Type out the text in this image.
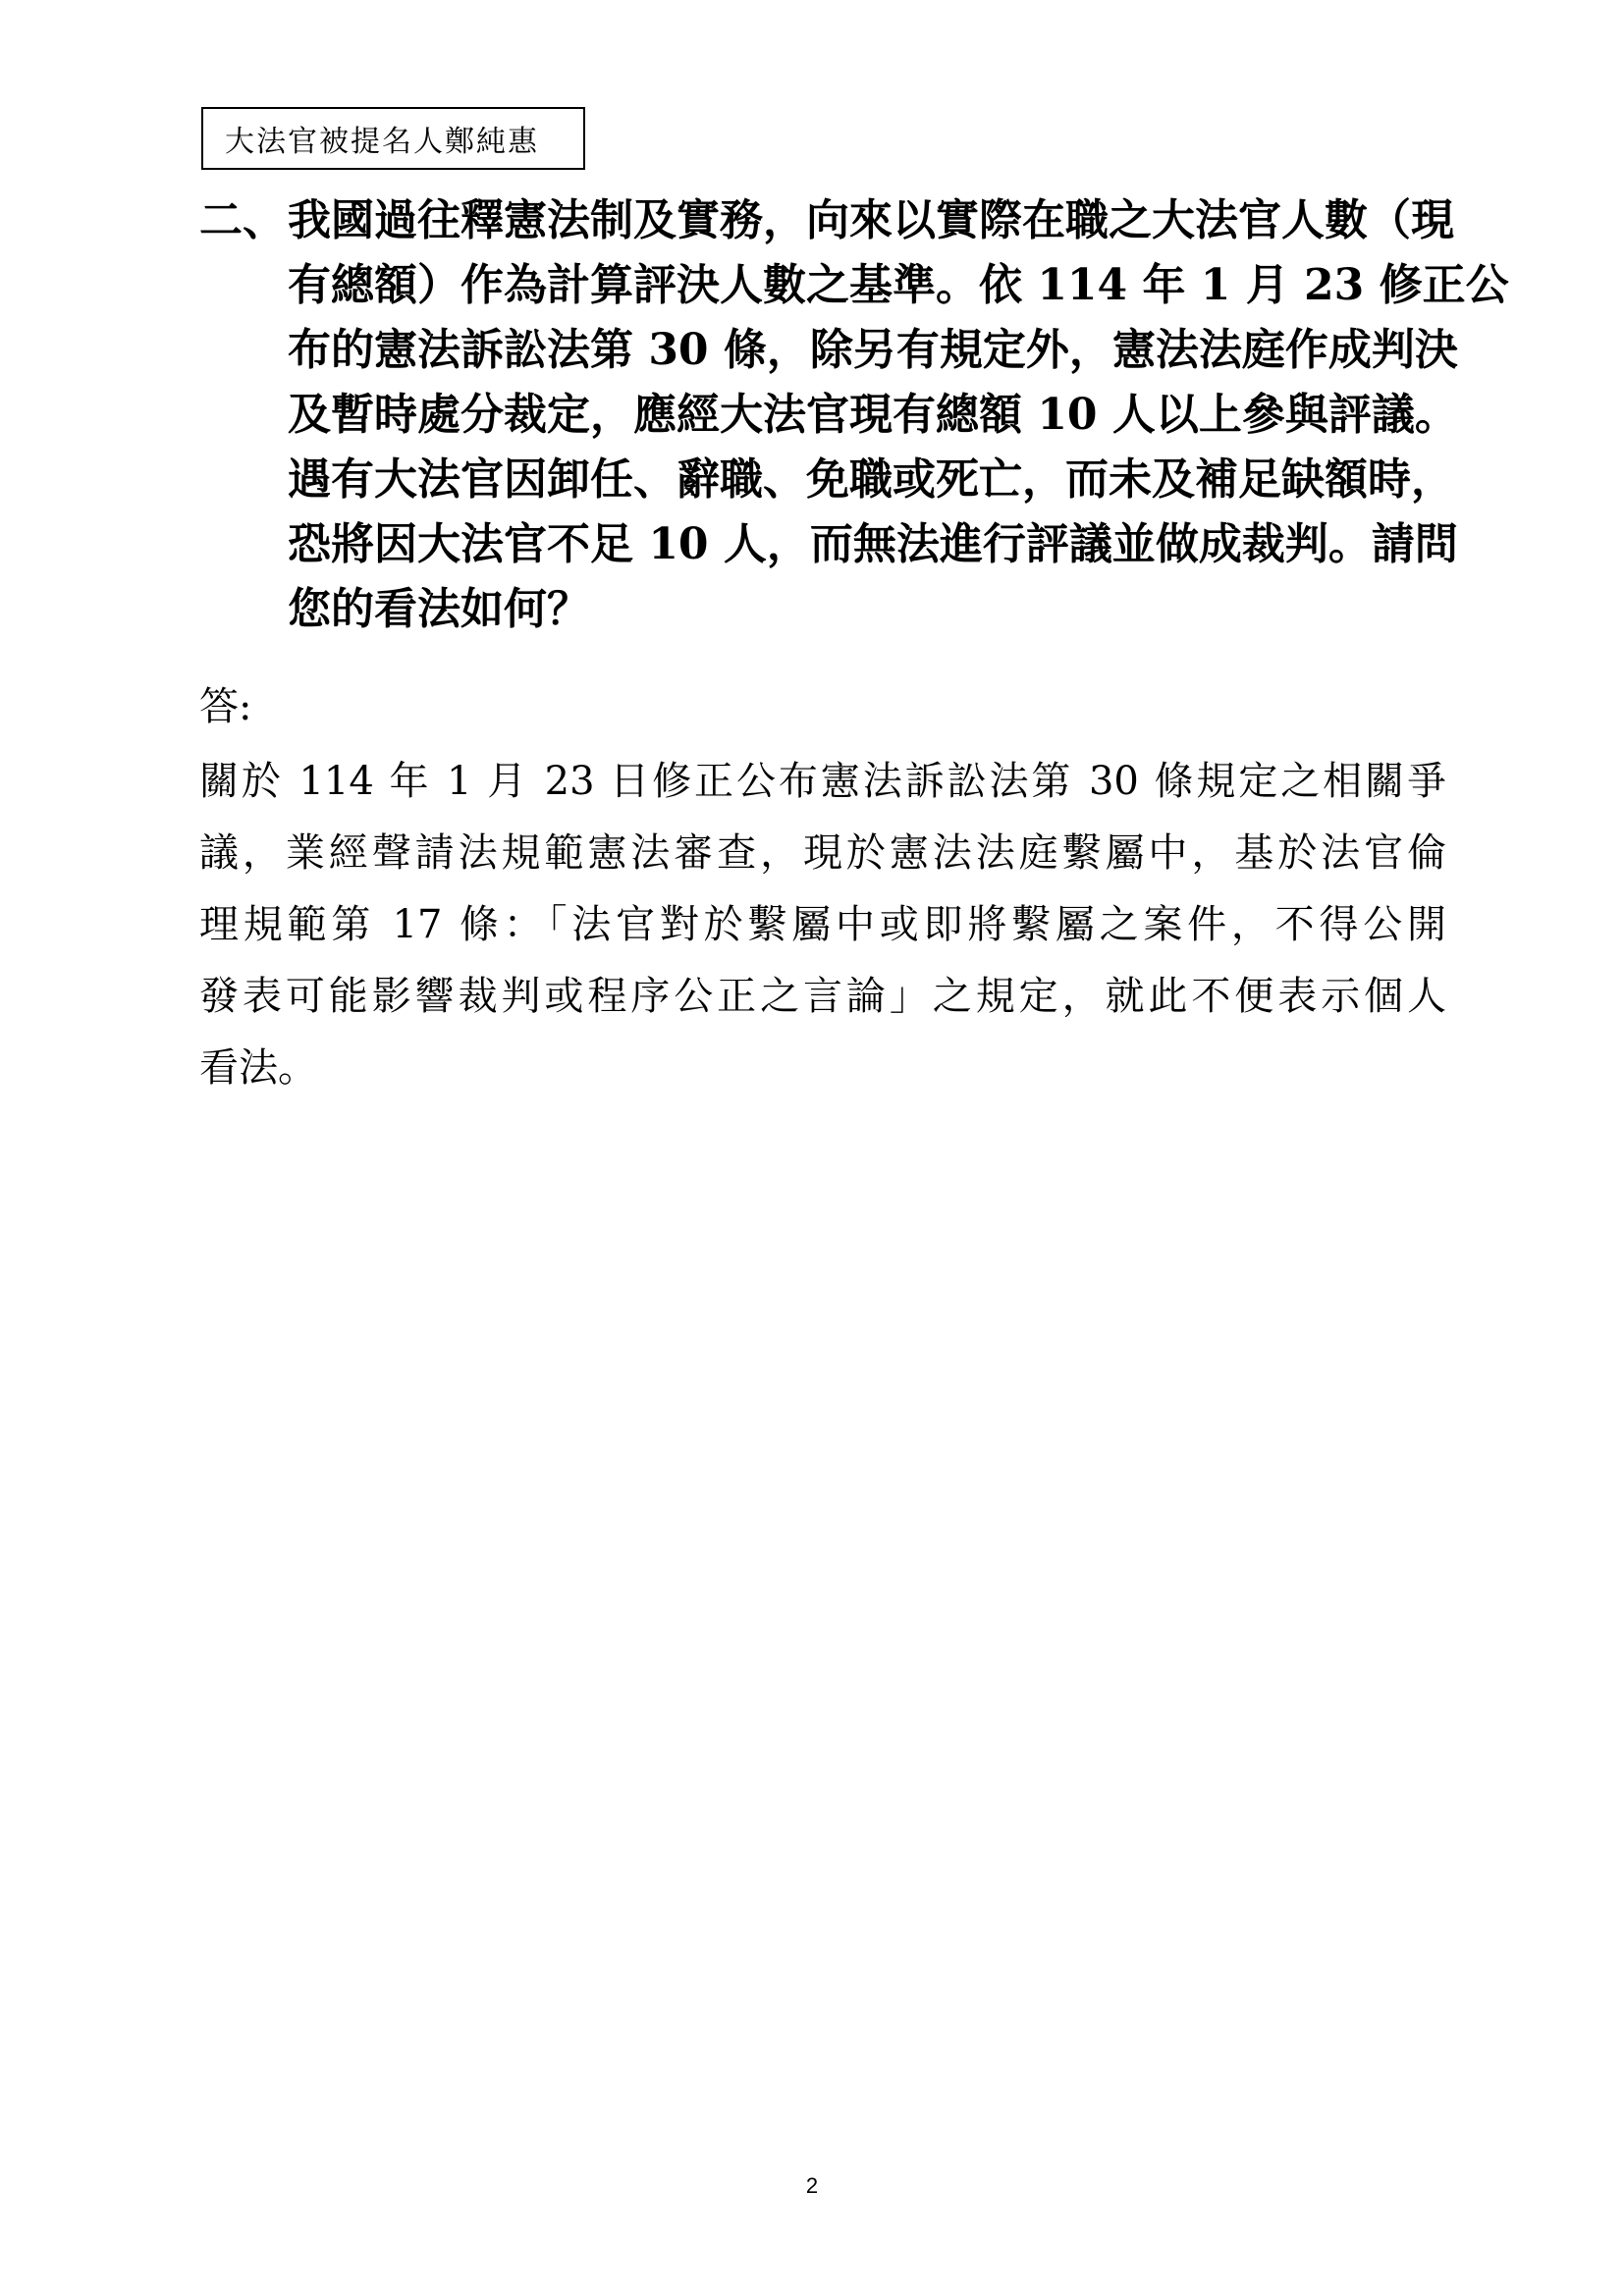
大法官被提名人鄭純惠
二、 我國過往釋憲法制及實務，向來以實際在職之大法官人數（現
有總額）作為計算評決人數之基準。依 114 年 1 月 23 修正公
布的憲法訴訟法第 30 條，除另有規定外，憲法法庭作成判決
及暫時處分裁定，應經大法官現有總額 10 人以上參與評議。
遇有大法官因卸任、辭職、免職或死亡，而未及補足缺額時，
恐將因大法官不足 10 人，而無法進行評議並做成裁判。請問
您的看法如何？
答:
關於 114 年 1 月 23 日修正公布憲法訴訟法第 30 條規定之相關爭
議，業經聲請法規範憲法審查，現於憲法法庭繫屬中，基於法官倫
理規範第 17 條：「法官對於繫屬中或即將繫屬之案件，不得公開
發表可能影響裁判或程序公正之言論」之規定，就此不便表示個人
看法。
2
